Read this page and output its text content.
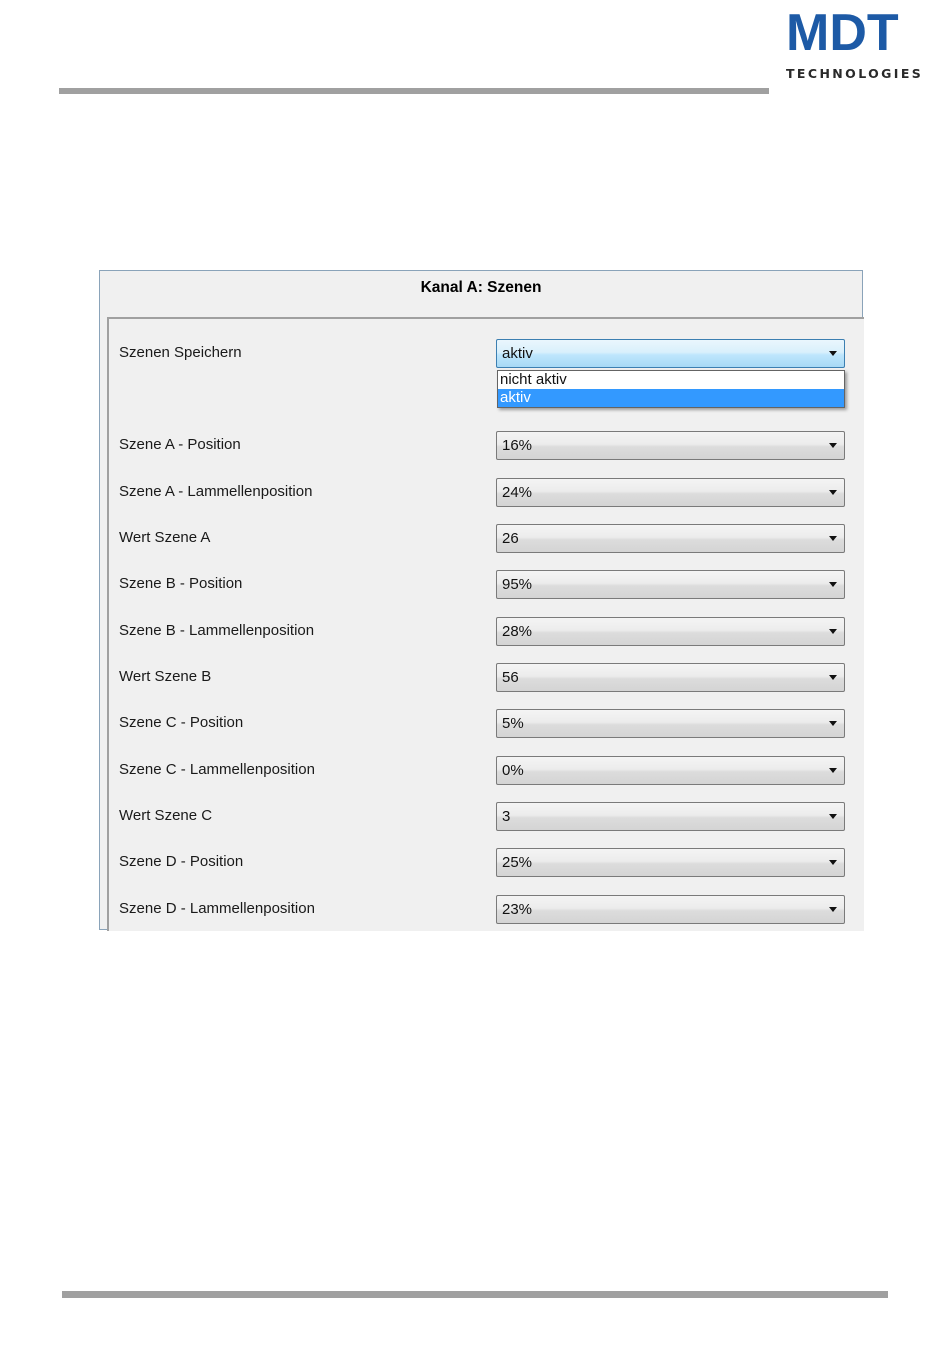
MDT
TECHNOLOGIES
Kanal A: Szenen
Szenen Speichern	aktiv
nicht aktiv
aktiv
Szene A - Position	16%
Szene A - Lammellenposition	24%
Wert Szene A	26
Szene B - Position	95%
Szene B - Lammellenposition	28%
Wert Szene B	56
Szene C - Position	5%
Szene C - Lammellenposition	0%
Wert Szene C	3
Szene D - Position	25%
Szene D - Lammellenposition	23%
